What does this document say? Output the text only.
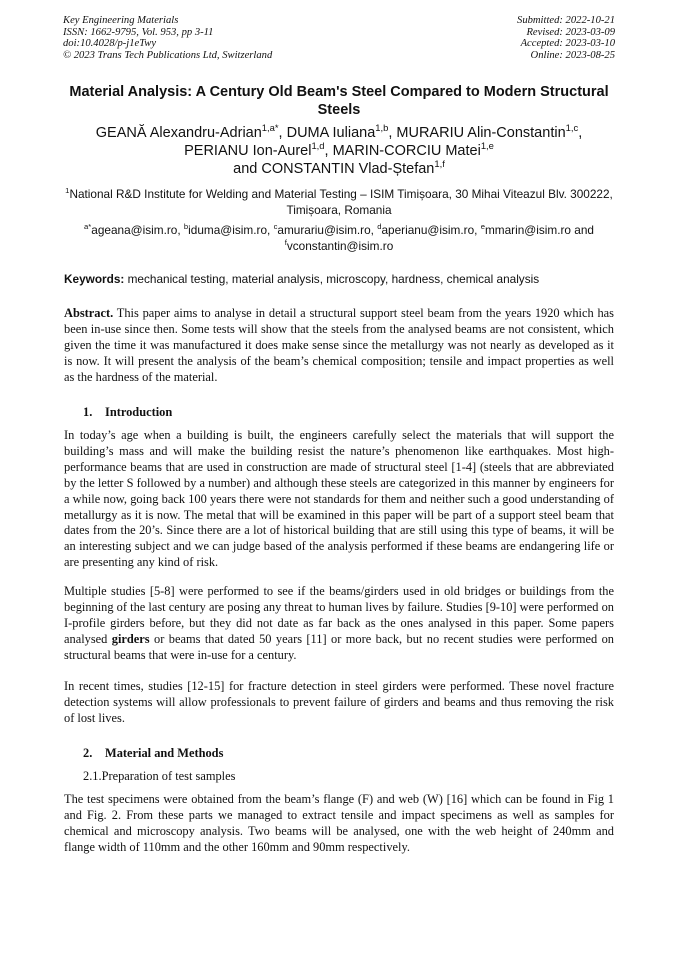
Key Engineering Materials
ISSN: 1662-9795, Vol. 953, pp 3-11
doi:10.4028/p-j1eTwy
© 2023 Trans Tech Publications Ltd, Switzerland
Submitted: 2022-10-21
Revised: 2023-03-09
Accepted: 2023-03-10
Online: 2023-08-25
Material Analysis: A Century Old Beam's Steel Compared to Modern Structural Steels
GEANĂ Alexandru-Adrian$^{1,a*}$, DUMA Iuliana$^{1,b}$, MURARIU Alin-Constantin$^{1,c}$,
PERIANU Ion-Aurel$^{1,d}$, MARIN-CORCIU Matei$^{1,e}$
and CONSTANTIN Vlad-Ștefan$^{1,f}$
$^1$National R&D Institute for Welding and Material Testing – ISIM Timișoara, 30 Mihai Viteazul Blv. 300222, Timișoara, Romania
$^{a*}$ageana@isim.ro, $^b$iduma@isim.ro, $^c$amurariu@isim.ro, $^d$aperianu@isim.ro, $^e$mmarin@isim.ro and $^f$vconstantin@isim.ro
Keywords: mechanical testing, material analysis, microscopy, hardness, chemical analysis
Abstract. This paper aims to analyse in detail a structural support steel beam from the years 1920 which has been in-use since then. Some tests will show that the steels from the analysed beams are not consistent, which given the time it was manufactured it does make sense since the metallurgy was not nearly as developed as it is now. It will present the analysis of the beam’s chemical composition; tensile and impact properties as well as the hardness of the material.
1. Introduction
In today’s age when a building is built, the engineers carefully select the materials that will support the building’s mass and will make the building resist the nature’s phenomenon like earthquakes. Most high-performance beams that are used in construction are made of structural steel [1-4] (steels that are abbreviated by the letter S followed by a number) and although these steels are categorized in this manner by engineers for a while now, going back 100 years there were not standards for them and neither such a good understanding of metallurgy as it is now. The metal that will be examined in this paper will be part of a support steel beam that dates from the 20’s. Since there are a lot of historical building that are still using this type of beams, it will be an interesting subject and we can judge based of the analysis performed if these beams are endangering life or are presenting any kind of risk.
Multiple studies [5-8] were performed to see if the beams/girders used in old bridges or buildings from the beginning of the last century are posing any threat to human lives by failure. Studies [9-10] were performed on I-profile girders before, but they did not date as far back as the ones analysed in this paper. Some papers analysed girders or beams that dated 50 years [11] or more back, but no recent studies were performed on structural beams that were in-use for a century.
In recent times, studies [12-15] for fracture detection in steel girders were performed. These novel fracture detection systems will allow professionals to prevent failure of girders and beams and thus removing the risk of lost lives.
2. Material and Methods
2.1.Preparation of test samples
The test specimens were obtained from the beam’s flange (F) and web (W) [16] which can be found in Fig 1 and Fig. 2. From these parts we managed to extract tensile and impact specimens as well as samples for chemical and microscopy analysis. Two beams will be analysed, one with the web height of 240mm and flange width of 110mm and the other 160mm and 90mm respectively.
